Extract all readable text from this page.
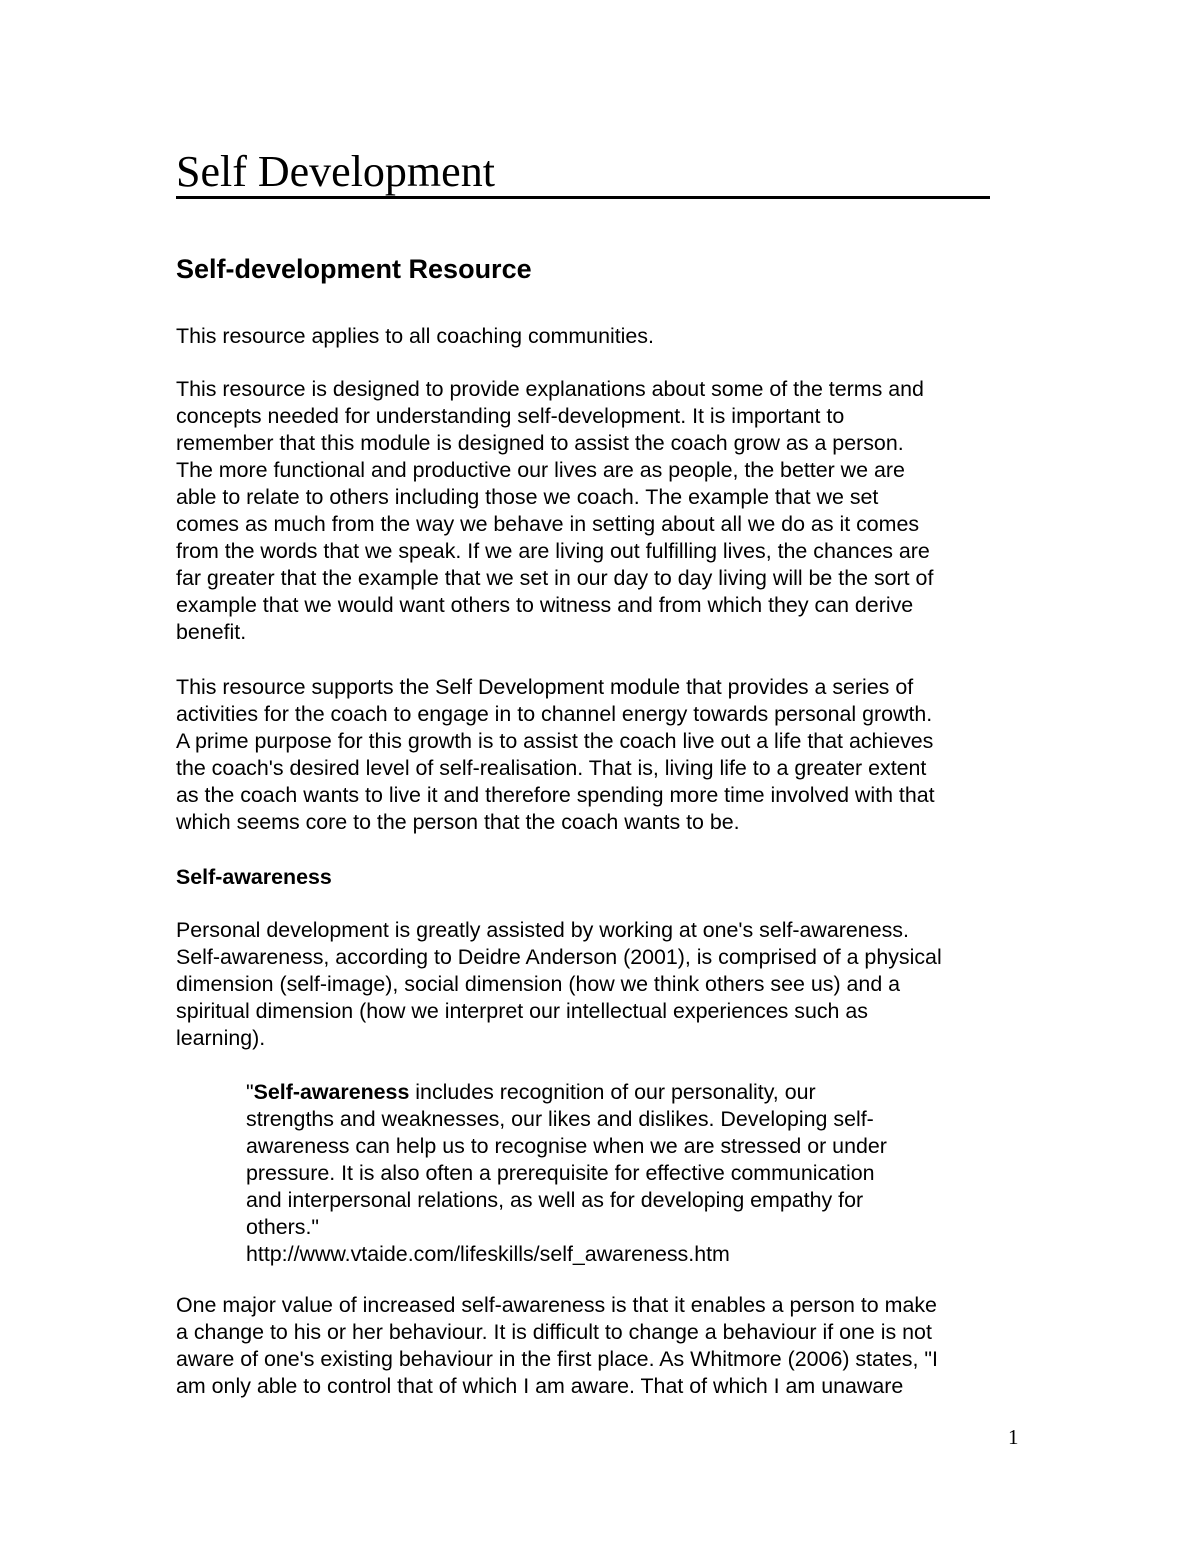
Self Development
Self-development Resource
This resource applies to all coaching communities.
This resource is designed to provide explanations about some of the terms and
concepts needed for understanding self-development. It is important to
remember that this module is designed to assist the coach grow as a person.
The more functional and productive our lives are as people, the better we are
able to relate to others including those we coach. The example that we set
comes as much from the way we behave in setting about all we do as it comes
from the words that we speak. If we are living out fulfilling lives, the chances are
far greater that the example that we set in our day to day living will be the sort of
example that we would want others to witness and from which they can derive
benefit.
This resource supports the Self Development module that provides a series of
activities for the coach to engage in to channel energy towards personal growth.
A prime purpose for this growth is to assist the coach live out a life that achieves
the coach's desired level of self-realisation. That is, living life to a greater extent
as the coach wants to live it and therefore spending more time involved with that
which seems core to the person that the coach wants to be.
Self-awareness
Personal development is greatly assisted by working at one's self-awareness.
Self-awareness, according to Deidre Anderson (2001), is comprised of a physical
dimension (self-image), social dimension (how we think others see us) and a
spiritual dimension (how we interpret our intellectual experiences such as
learning).
"Self-awareness includes recognition of our personality, our
strengths and weaknesses, our likes and dislikes. Developing self-
awareness can help us to recognise when we are stressed or under
pressure. It is also often a prerequisite for effective communication
and interpersonal relations, as well as for developing empathy for
others."
http://www.vtaide.com/lifeskills/self_awareness.htm
One major value of increased self-awareness is that it enables a person to make
a change to his or her behaviour. It is difficult to change a behaviour if one is not
aware of one's existing behaviour in the first place. As Whitmore (2006) states, "I
am only able to control that of which I am aware. That of which I am unaware
1
